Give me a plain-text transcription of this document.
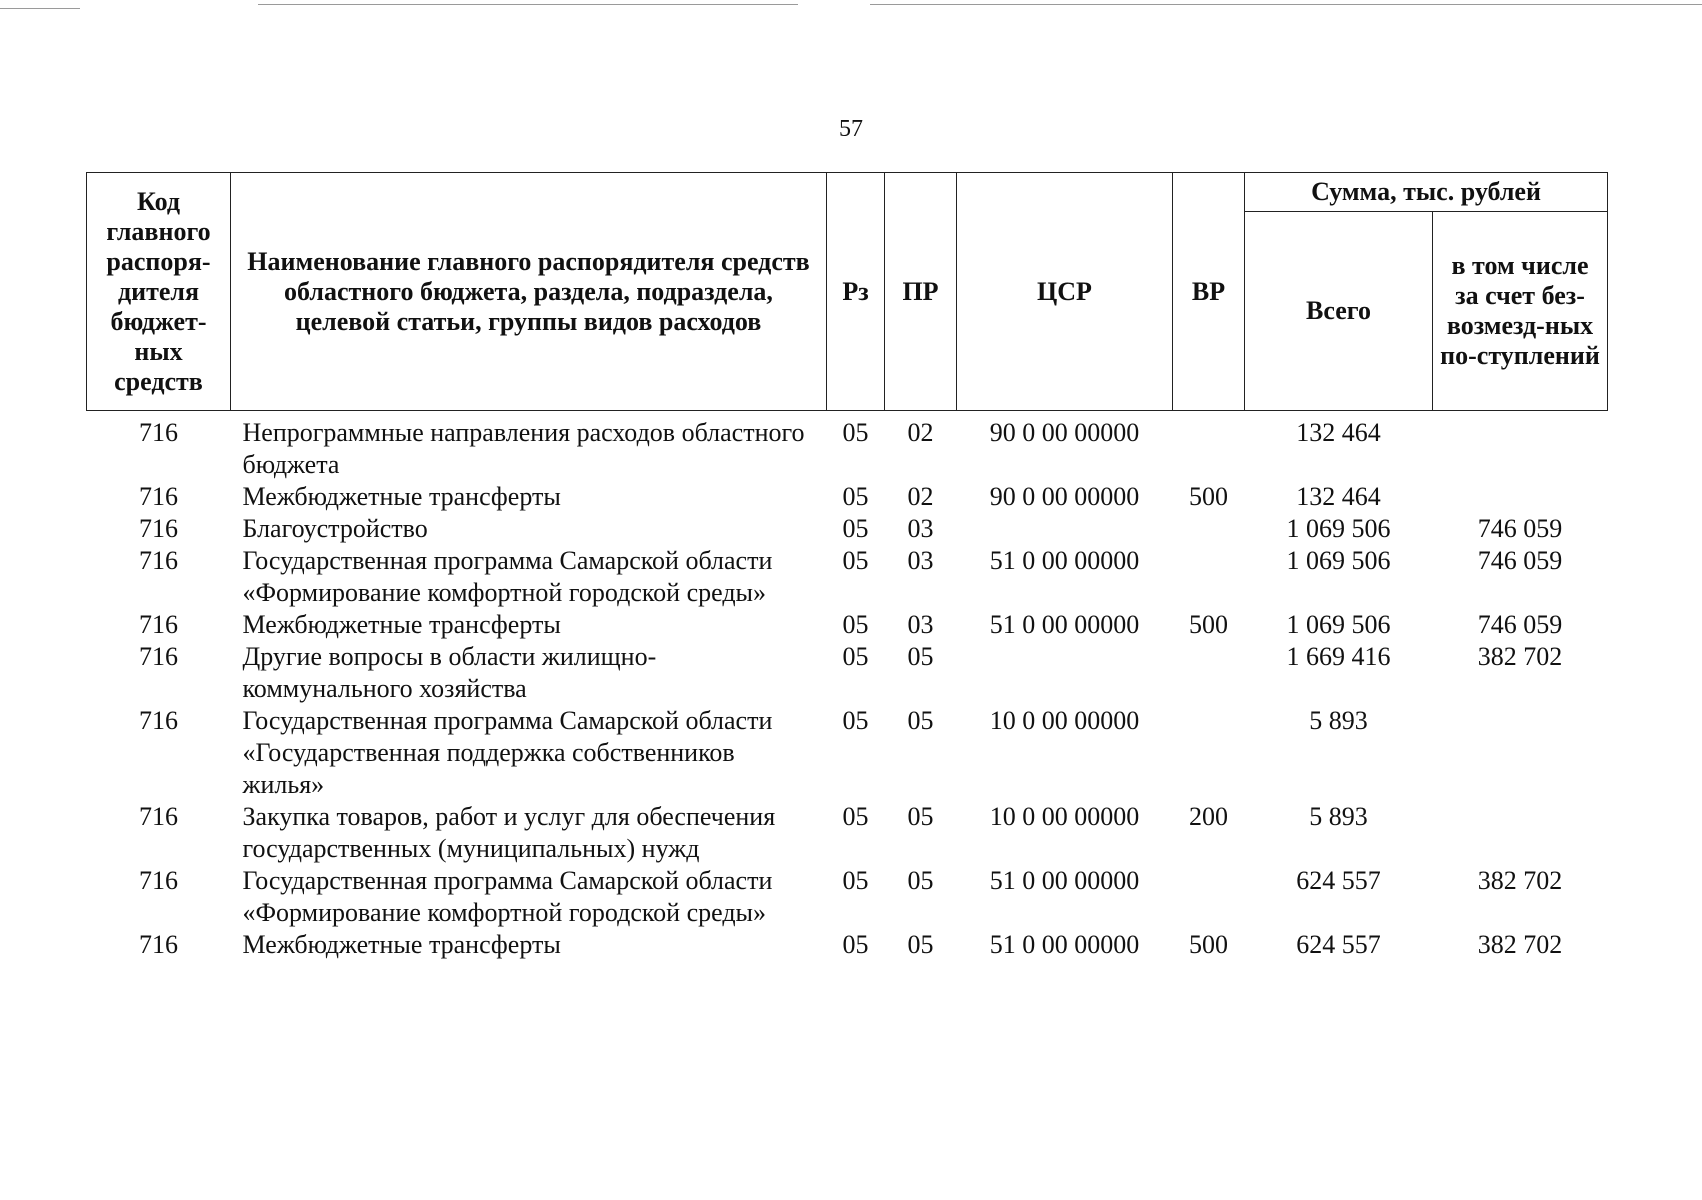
57
Код главного распоря-дителя бюджет-ных средств	Наименование главного распорядителя средств областного бюджета, раздела, подраздела, целевой статьи, группы видов расходов	Рз	ПР	ЦСР	ВР	Сумма, тыс. рублей	
						Всего	в том числе за счет без-возмезд-ных по-ступлений
716	Непрограммные направления расходов областного бюджета	05	02	90 0 00 00000		132 464	
716	Межбюджетные трансферты	05	02	90 0 00 00000	500	132 464	
716	Благоустройство	05	03			1 069 506	746 059
716	Государственная программа Самарской области «Формирование комфортной городской среды»	05	03	51 0 00 00000		1 069 506	746 059
716	Межбюджетные трансферты	05	03	51 0 00 00000	500	1 069 506	746 059
716	Другие вопросы в области жилищно-коммунального хозяйства	05	05			1 669 416	382 702
716	Государственная программа Самарской области «Государственная поддержка собственников жилья»	05	05	10 0 00 00000		5 893	
716	Закупка товаров, работ и услуг для обеспечения государственных (муниципальных) нужд	05	05	10 0 00 00000	200	5 893	
716	Государственная программа Самарской области «Формирование комфортной городской среды»	05	05	51 0 00 00000		624 557	382 702
716	Межбюджетные трансферты	05	05	51 0 00 00000	500	624 557	382 702
